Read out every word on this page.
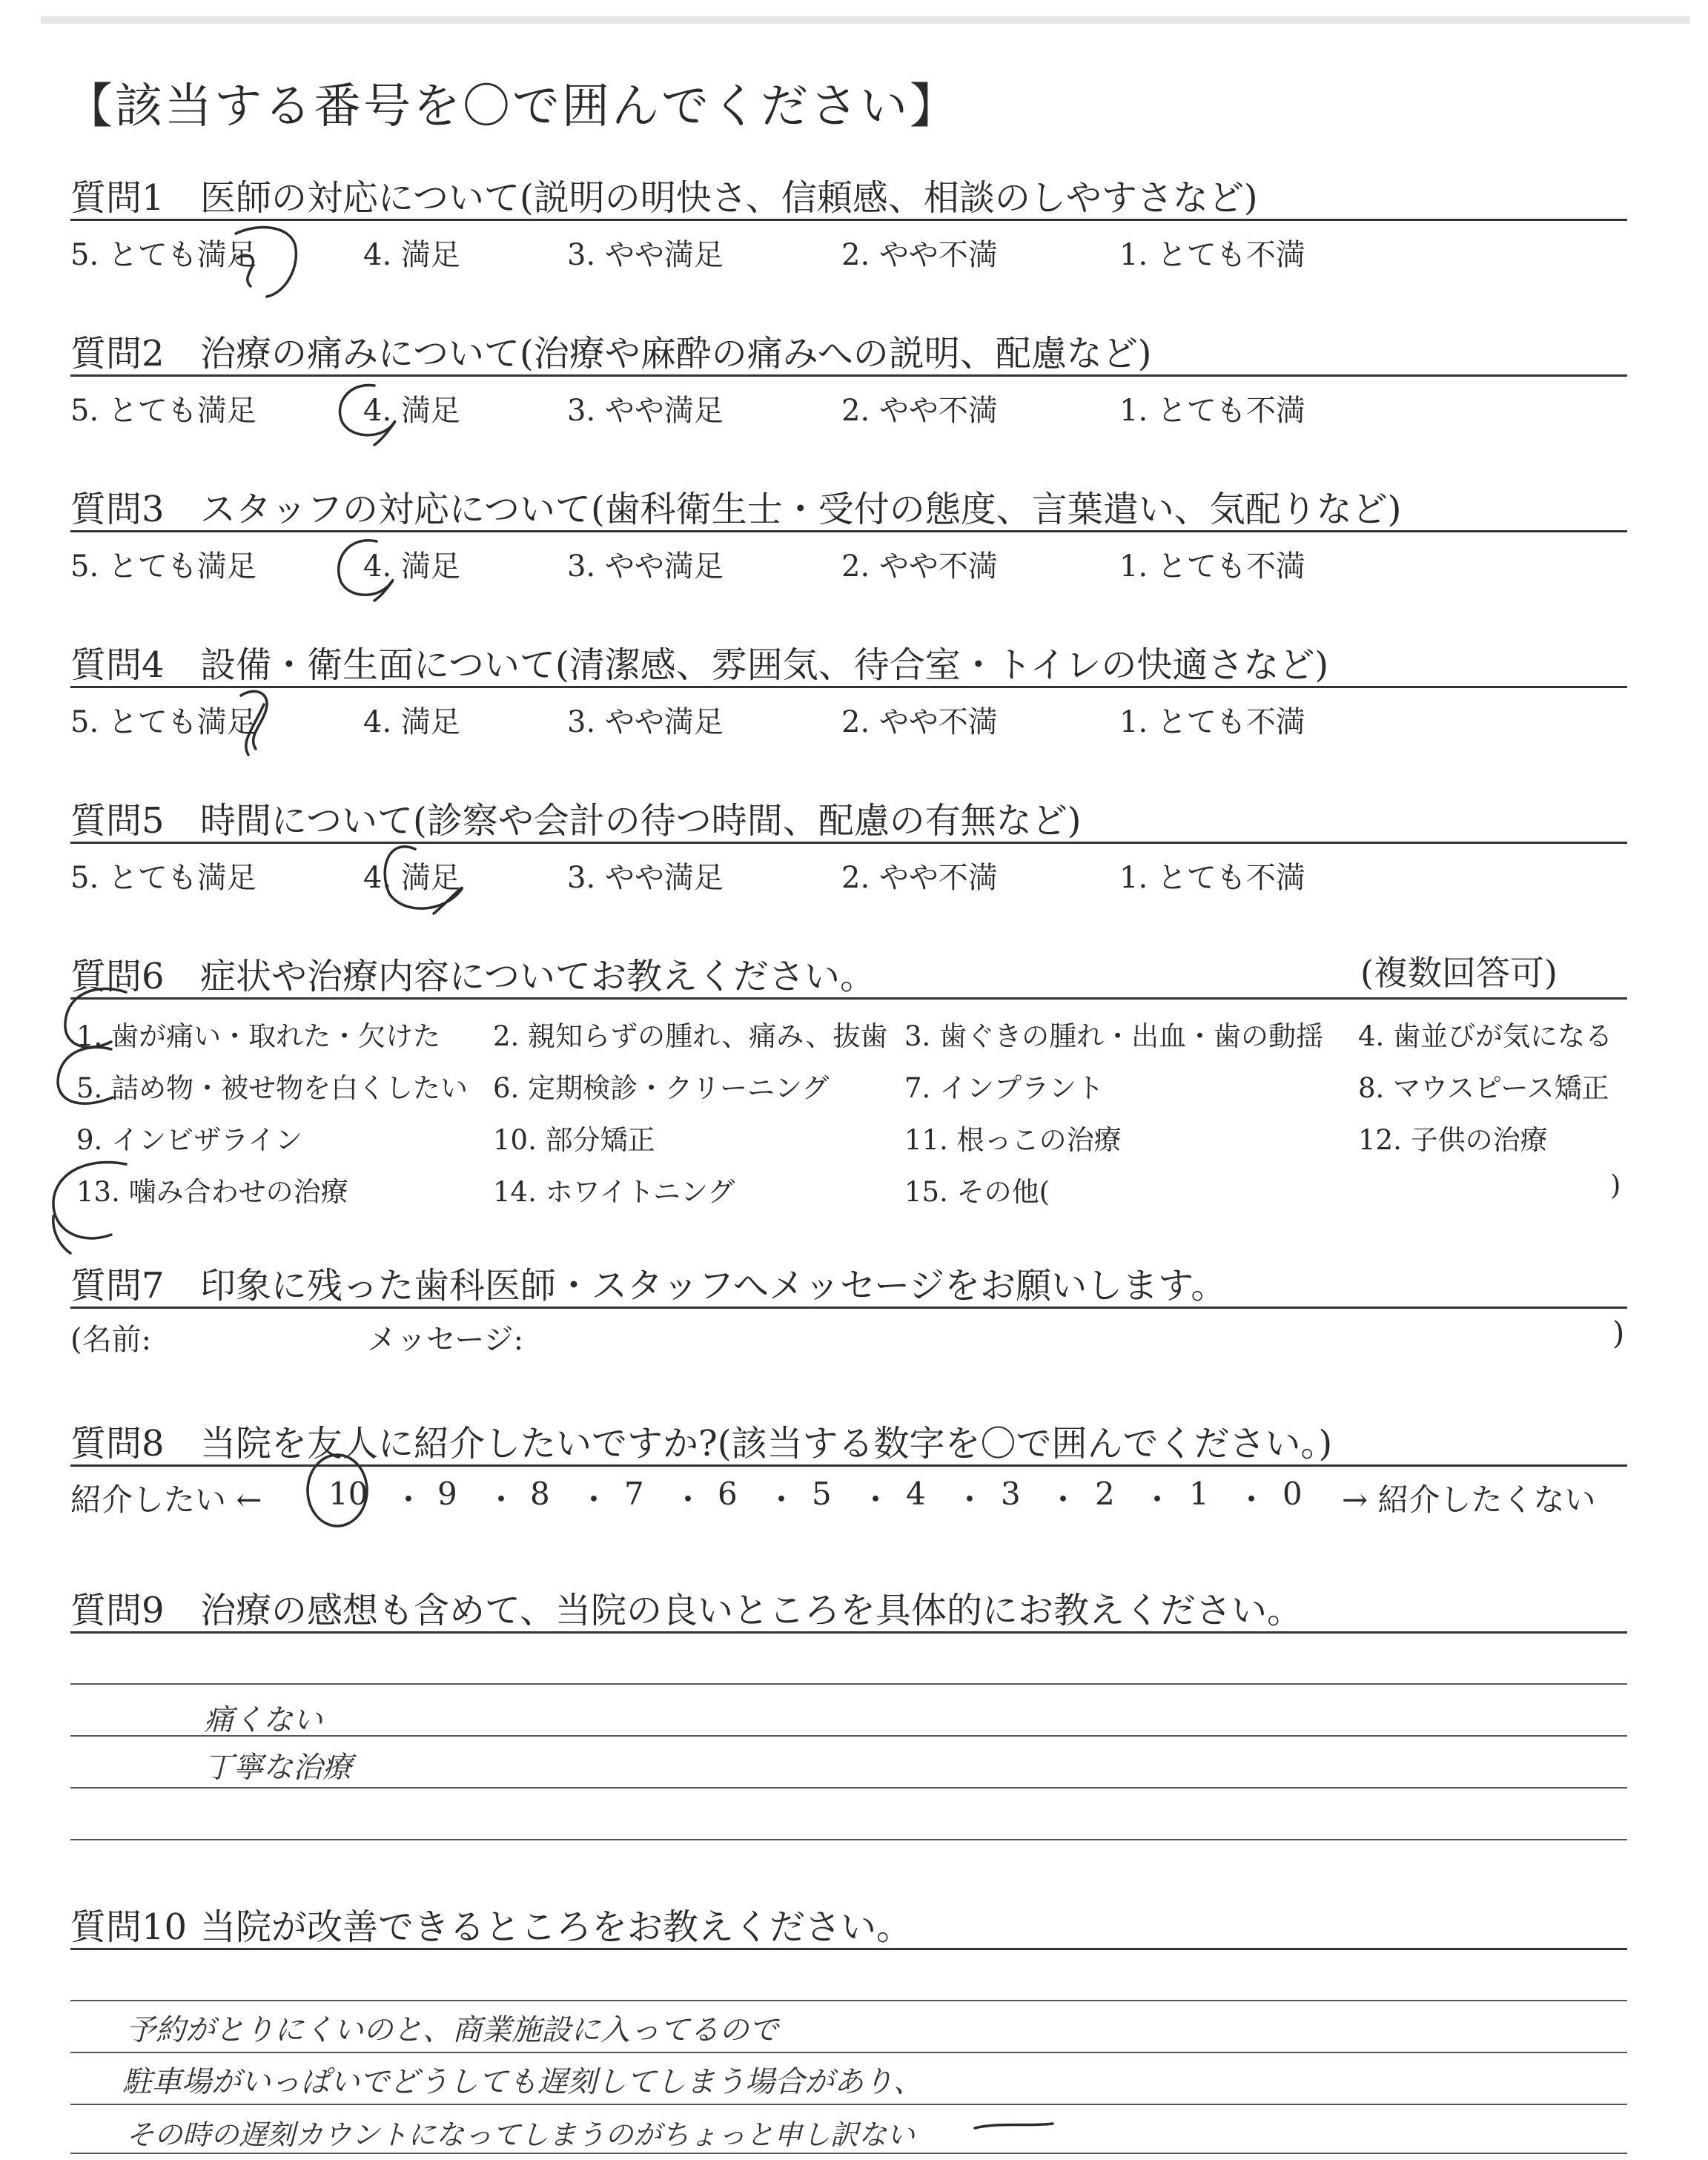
【該当する番号を〇で囲んでください】
質問1 医師の対応について(説明の明快さ、信頼感、相談のしやすさなど)
5. とても満足	4. 満足	3. やや満足	2. やや不満	1. とても不満
質問2 治療の痛みについて(治療や麻酔の痛みへの説明、配慮など)
5. とても満足	4. 満足	3. やや満足	2. やや不満	1. とても不満
質問3 スタッフの対応について(歯科衛生士・受付の態度、言葉遣い、気配りなど)
5. とても満足	4. 満足	3. やや満足	2. やや不満	1. とても不満
質問4 設備・衛生面について(清潔感、雰囲気、待合室・トイレの快適さなど)
5. とても満足	4. 満足	3. やや満足	2. やや不満	1. とても不満
質問5 時間について(診察や会計の待つ時間、配慮の有無など)
5. とても満足	4. 満足	3. やや満足	2. やや不満	1. とても不満
質問6 症状や治療内容についてお教えください。	(複数回答可)
1. 歯が痛い・取れた・欠けた 2. 親知らずの腫れ、痛み、抜歯 3. 歯ぐきの腫れ・出血・歯の動揺 4. 歯並びが気になる
5. 詰め物・被せ物を白くしたい 6. 定期検診・クリーニング	7. インプラント	8. マウスピース矯正
9. インビザライン	10. 部分矯正	11. 根っこの治療	12. 子供の治療
13. 噛み合わせの治療	14. ホワイトニング	15. その他(	)
質問7 印象に残った歯科医師・スタッフへメッセージをお願いします。
(名前:	メッセージ:	)
質問8 当院を友人に紹介したいですか?(該当する数字を〇で囲んでください。)
紹介したい ← 10 ・ 9 ・ 8 ・ 7 ・ 6 ・ 5 ・ 4 ・ 3 ・ 2 ・ 1 ・ 0 → 紹介したくない
質問9 治療の感想も含めて、当院の良いところを具体的にお教えください。
痛くない
丁寧な治療
質問10 当院が改善できるところをお教えください。
予約がとりにくいのと、商業施設に入ってるので
駐車場がいっぱいでどうしても遅刻してしまう場合があり、
その時の遅刻カウントになってしまうのがちょっと申し訳ない
